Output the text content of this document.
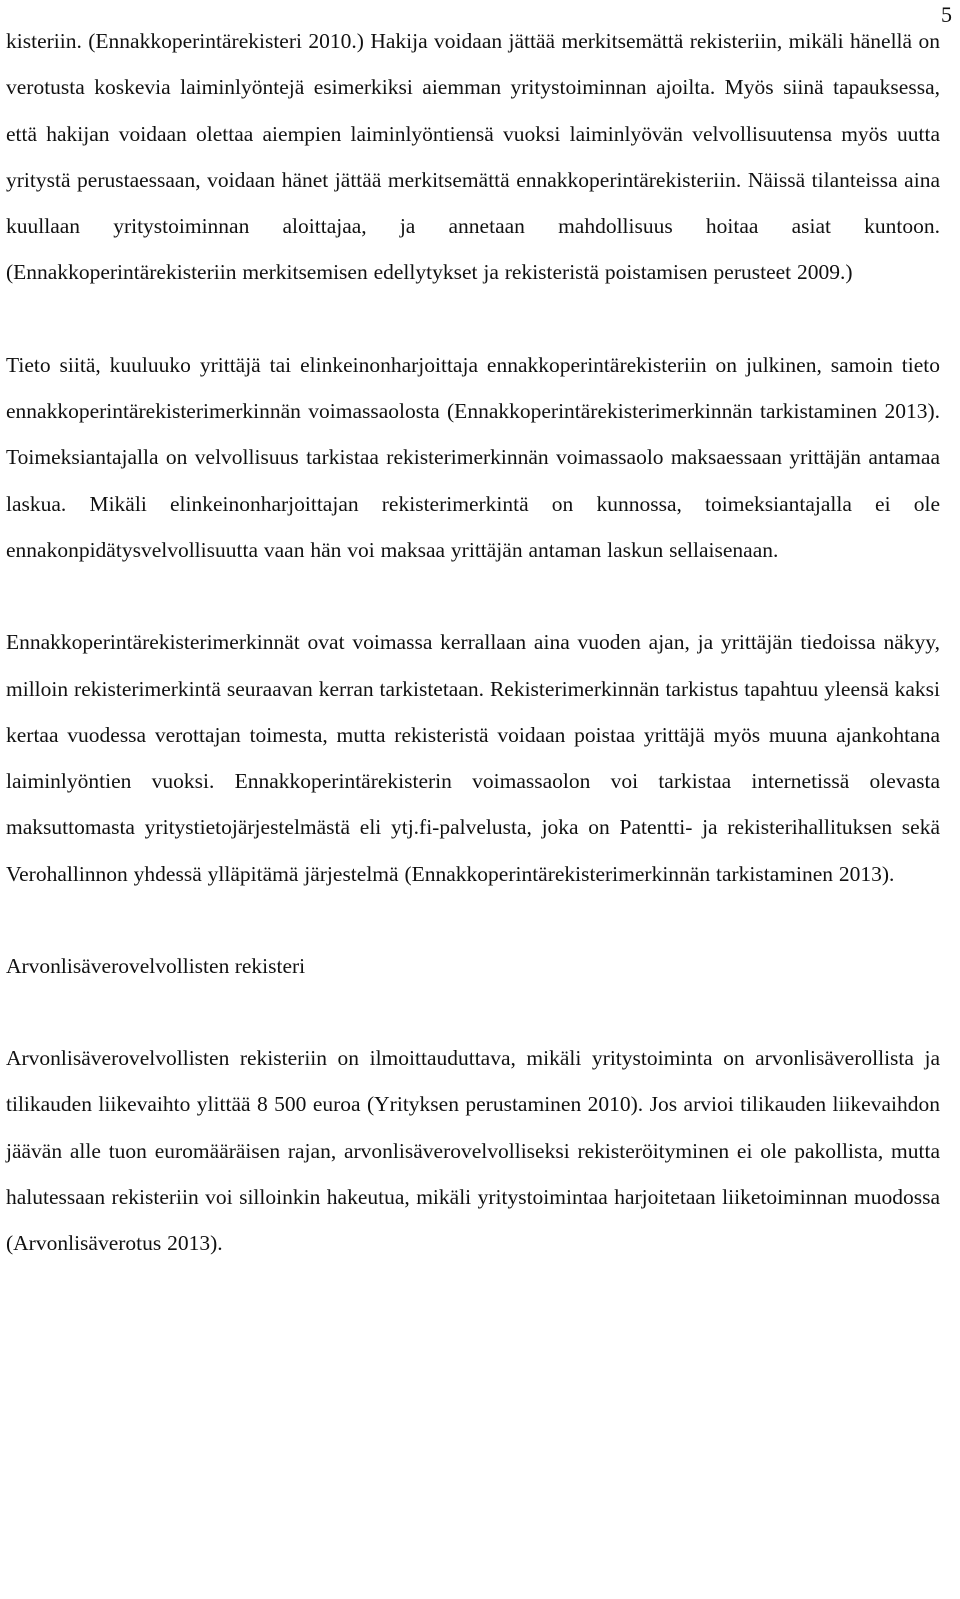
5

kisteriin. (Ennakkoperintärekisteri 2010.) Hakija voidaan jättää merkitsemättä rekisteriin, mikäli hänellä on verotusta koskevia laiminlyöntejä esimerkiksi aiemman yritystoiminnan ajoilta. Myös siinä tapauksessa, että hakijan voidaan olettaa aiempien laiminlyöntiensä vuoksi laiminlyövän velvollisuutensa myös uutta yritystä perustaessaan, voidaan hänet jättää merkitsemättä ennakkoperintärekisteriin. Näissä tilanteissa aina kuullaan yritystoiminnan aloittajaa, ja annetaan mahdollisuus hoitaa asiat kuntoon. (Ennakkoperintärekisteriin merkitsemisen edellytykset ja rekisteristä poistamisen perusteet 2009.)

Tieto siitä, kuuluuko yrittäjä tai elinkeinonharjoittaja ennakkoperintärekisteriin on julkinen, samoin tieto ennakkoperintärekisterimerkinnän voimassaolosta (Ennakkoperintärekisterimerkinnän tarkistaminen 2013). Toimeksiantajalla on velvollisuus tarkistaa rekisterimerkinnän voimassaolo maksaessaan yrittäjän antamaa laskua. Mikäli elinkeinonharjoittajan rekisterimerkintä on kunnossa, toimeksiantajalla ei ole ennakonpidätysvelvollisuutta vaan hän voi maksaa yrittäjän antaman laskun sellaisenaan.

Ennakkoperintärekisterimerkinnät ovat voimassa kerrallaan aina vuoden ajan, ja yrittäjän tiedoissa näkyy, milloin rekisterimerkintä seuraavan kerran tarkistetaan. Rekisterimerkinnän tarkistus tapahtuu yleensä kaksi kertaa vuodessa verottajan toimesta, mutta rekisteristä voidaan poistaa yrittäjä myös muuna ajankohtana laiminlyöntien vuoksi. Ennakkoperintärekisterin voimassaolon voi tarkistaa internetissä olevasta maksuttomasta yritystietojärjestelmästä eli ytj.fi-palvelusta, joka on Patentti- ja rekisterihallituksen sekä Verohallinnon yhdessä ylläpitämä järjestelmä (Ennakkoperintärekisterimerkinnän tarkistaminen 2013).

Arvonlisäverovelvollisten rekisteri

Arvonlisäverovelvollisten rekisteriin on ilmoittauduttava, mikäli yritystoiminta on arvonlisäverollista ja tilikauden liikevaihto ylittää 8 500 euroa (Yrityksen perustaminen 2010). Jos arvioi tilikauden liikevaihdon jäävän alle tuon euromääräisen rajan, arvonlisäverovelvolliseksi rekisteröityminen ei ole pakollista, mutta halutessaan rekisteriin voi silloinkin hakeutua, mikäli yritystoimintaa harjoitetaan liiketoiminnan muodossa (Arvonlisäverotus 2013).
